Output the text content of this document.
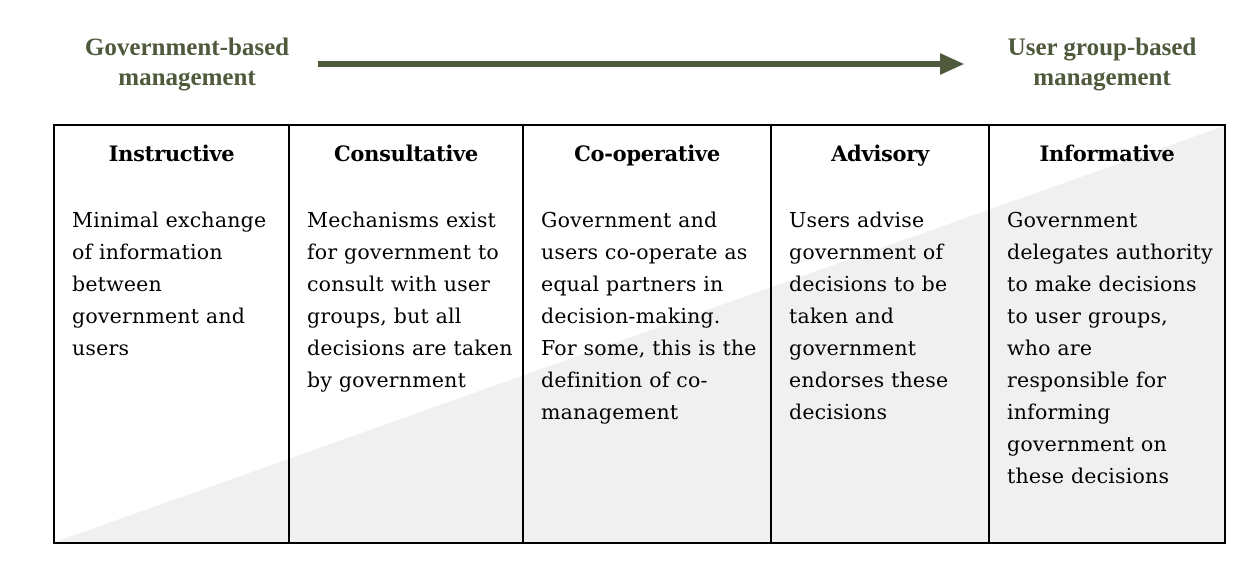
Government-based management
User group-based management
Instructive
Minimal exchange of information between government and users
Consultative
Mechanisms exist for government to consult with user groups, but all decisions are taken by government
Co-operative
Government and users co-operate as equal partners in decision-making. For some, this is the definition of co-management
Advisory
Users advise government of decisions to be taken and government endorses these decisions
Informative
Government delegates authority to make decisions to user groups, who are responsible for informing government on these decisions
